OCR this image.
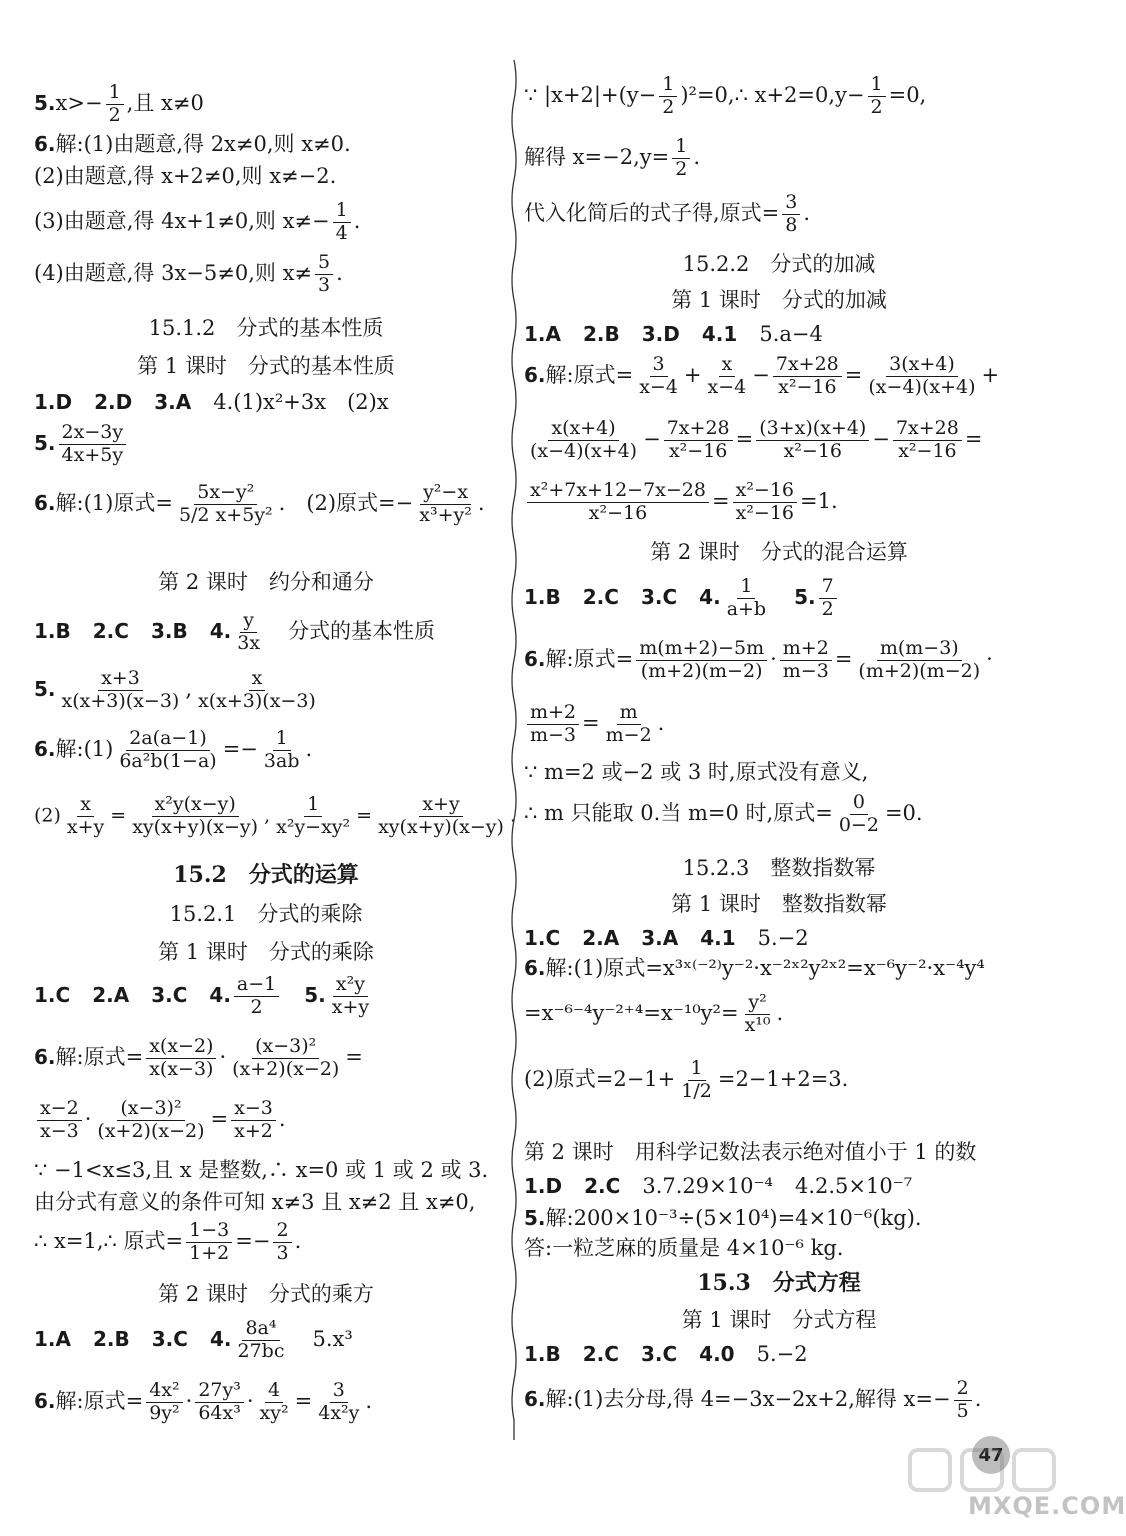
$5.x>- \frac{1}{2}$ ,且 x≠0
6.解:(1)由题意,得 2x≠0,则 x≠0.
(2)由题意,得 x+2≠0,则 x≠−2.
(3)由题意,得 4x+1≠0,则 $x\ne- \frac{1}{4}$ .
(4)由题意,得 3x−5≠0,则 $x\ne \frac{5}{3}$ .
15.1.2　分式的基本性质
第 1 课时　分式的基本性质
1.D 2.D 3.A 4.(1)x²+3x　(2)x
5. $\frac{2x-3y}{4x+5y}$
6.解:(1)原式= $\frac{\text{5x−y²}}{\text{5/2 x+5y²}}$ .　(2)原式=− $\frac{\text{y²−x}}{\text{x³+y²}}$ .
第 2 课时　约分和通分
1.B 2.C 3.B 4. $\frac{y}{3x}$ 分式的基本性质
5. $\frac{x+3}{x(x+3)(x-3)}$ , $\frac{x}{x(x+3)(x-3)}$
6.解:(1) $\frac{2a(a-1)}{\text{6a²b(1−a)}} =- \frac{1}{3ab}$ .
$(2) \frac{x}{x+y} = \frac{\text{x²y(x−y)}}{xy(x+y)(x-y)}$ , $\frac{1}{\text{x²y−xy²}} = \frac{x+y}{xy(x+y)(x-y)}$ .
15.2　分式的运算
15.2.1　分式的乘除
第 1 课时　分式的乘除
1.C 2.A 3.C 4. $\frac{a-1}{2} 5$. $\frac{\text{x²y}}{x+y}$
6.解:原式= $\frac{x(x-2)}{x(x-3)} \cdot \frac{\text{(x−3)²}}{(x+2)(x-2)}$ =
$\frac{x-2}{x-3} \cdot \frac{\text{(x−3)²}}{(x+2)(x-2)} = \frac{x-3}{x+2}$ .
∵ −1<x≤3,且 x 是整数,∴ x=0 或 1 或 2 或 3.
由分式有意义的条件可知 x≠3 且 x≠2 且 x≠0,
∴ x=1,∴ 原式= $\frac{1-3}{1+2} =- \frac{2}{3}$ .
第 2 课时　分式的乘方
1.A 2.B 3.C 4. $\frac{\text{8a⁴}}{27bc} 5.x^3$
6.解:原式= $\frac{\text{4x²}}{\text{9y²}} \cdot \frac{\text{27y³}}{\text{64x³}} \cdot \frac{4}{\text{xy²}} = \frac{3}{\text{4x²y}}$ .
∵ $|x+2|+(y- \frac{1}{2}$ )²=0,∴ $x+2=0,y- \frac{1}{2} =0$,
解得 $x=-2,y= \frac{1}{2}$ .
代入化简后的式子得,原式= $\frac{3}{8}$ .
15.2.2　分式的加减
第 1 课时　分式的加减
1.A 2.B 3.D 4.1 5.a−4
6.解:原式= $\frac{3}{x-4} + \frac{x}{x-4} - \frac{7x+28}{\text{x²−16}} = \frac{3(x+4)}{(x-4)(x+4)}$ +
$\frac{x(x+4)}{(x-4)(x+4)} - \frac{7x+28}{\text{x²−16}} = \frac{(3+x)(x+4)}{\text{x²−16}} - \frac{7x+28}{\text{x²−16}}$ =
$\frac{\text{x²+7x+12−7x−28}}{\text{x²−16}} = \frac{\text{x²−16}}{\text{x²−16}} =1$.
第 2 课时　分式的混合运算
1.B 2.C 3.C 4. $\frac{1}{a+b} 5$. $\frac{7}{2}$
6.解:原式= $\frac{m(m+2)-5m}{(m+2)(m-2)} \cdot \frac{m+2}{m-3} = \frac{m(m-3)}{(m+2)(m-2)}$ ·
$\frac{m+2}{m-3} = \frac{m}{m-2}$ .
∵ m=2 或−2 或 3 时,原式没有意义,
∴ m 只能取 0.当 m=0 时,原式= $\frac{0}{0-2} =0$.
15.2.3　整数指数幂
第 1 课时　整数指数幂
1.C 2.A 3.A 4.1 5.−2
6.解:(1)原式=x³ˣ⁽⁻²⁾y⁻²·x⁻²ˣ²y²ˣ²=x⁻⁶y⁻²·x⁻⁴y⁴
$=x^{-6-4}y^{-2+4}=x^{-10}y^2= \frac{\text{y²}}{\text{x¹⁰}}$ .
(2)原式$=2-1+ \frac{1}{1/2} =2-1+2=3$.
第 2 课时　用科学记数法表示绝对值小于 1 的数
1.D 2.C 3.7.29×10⁻⁴ 4.2.5×10⁻⁷
5.解:200×10⁻³÷(5×10⁴)=4×10⁻⁶(kg).
答:一粒芝麻的质量是 4×10⁻⁶ kg.
15.3　分式方程
第 1 课时　分式方程
1.B 2.C 3.C 4.0 5.−2
6.解:(1)去分母,得 4=−3x−2x+2,解得 $x=- \frac{2}{5}$ .
47
MXQE.COM
